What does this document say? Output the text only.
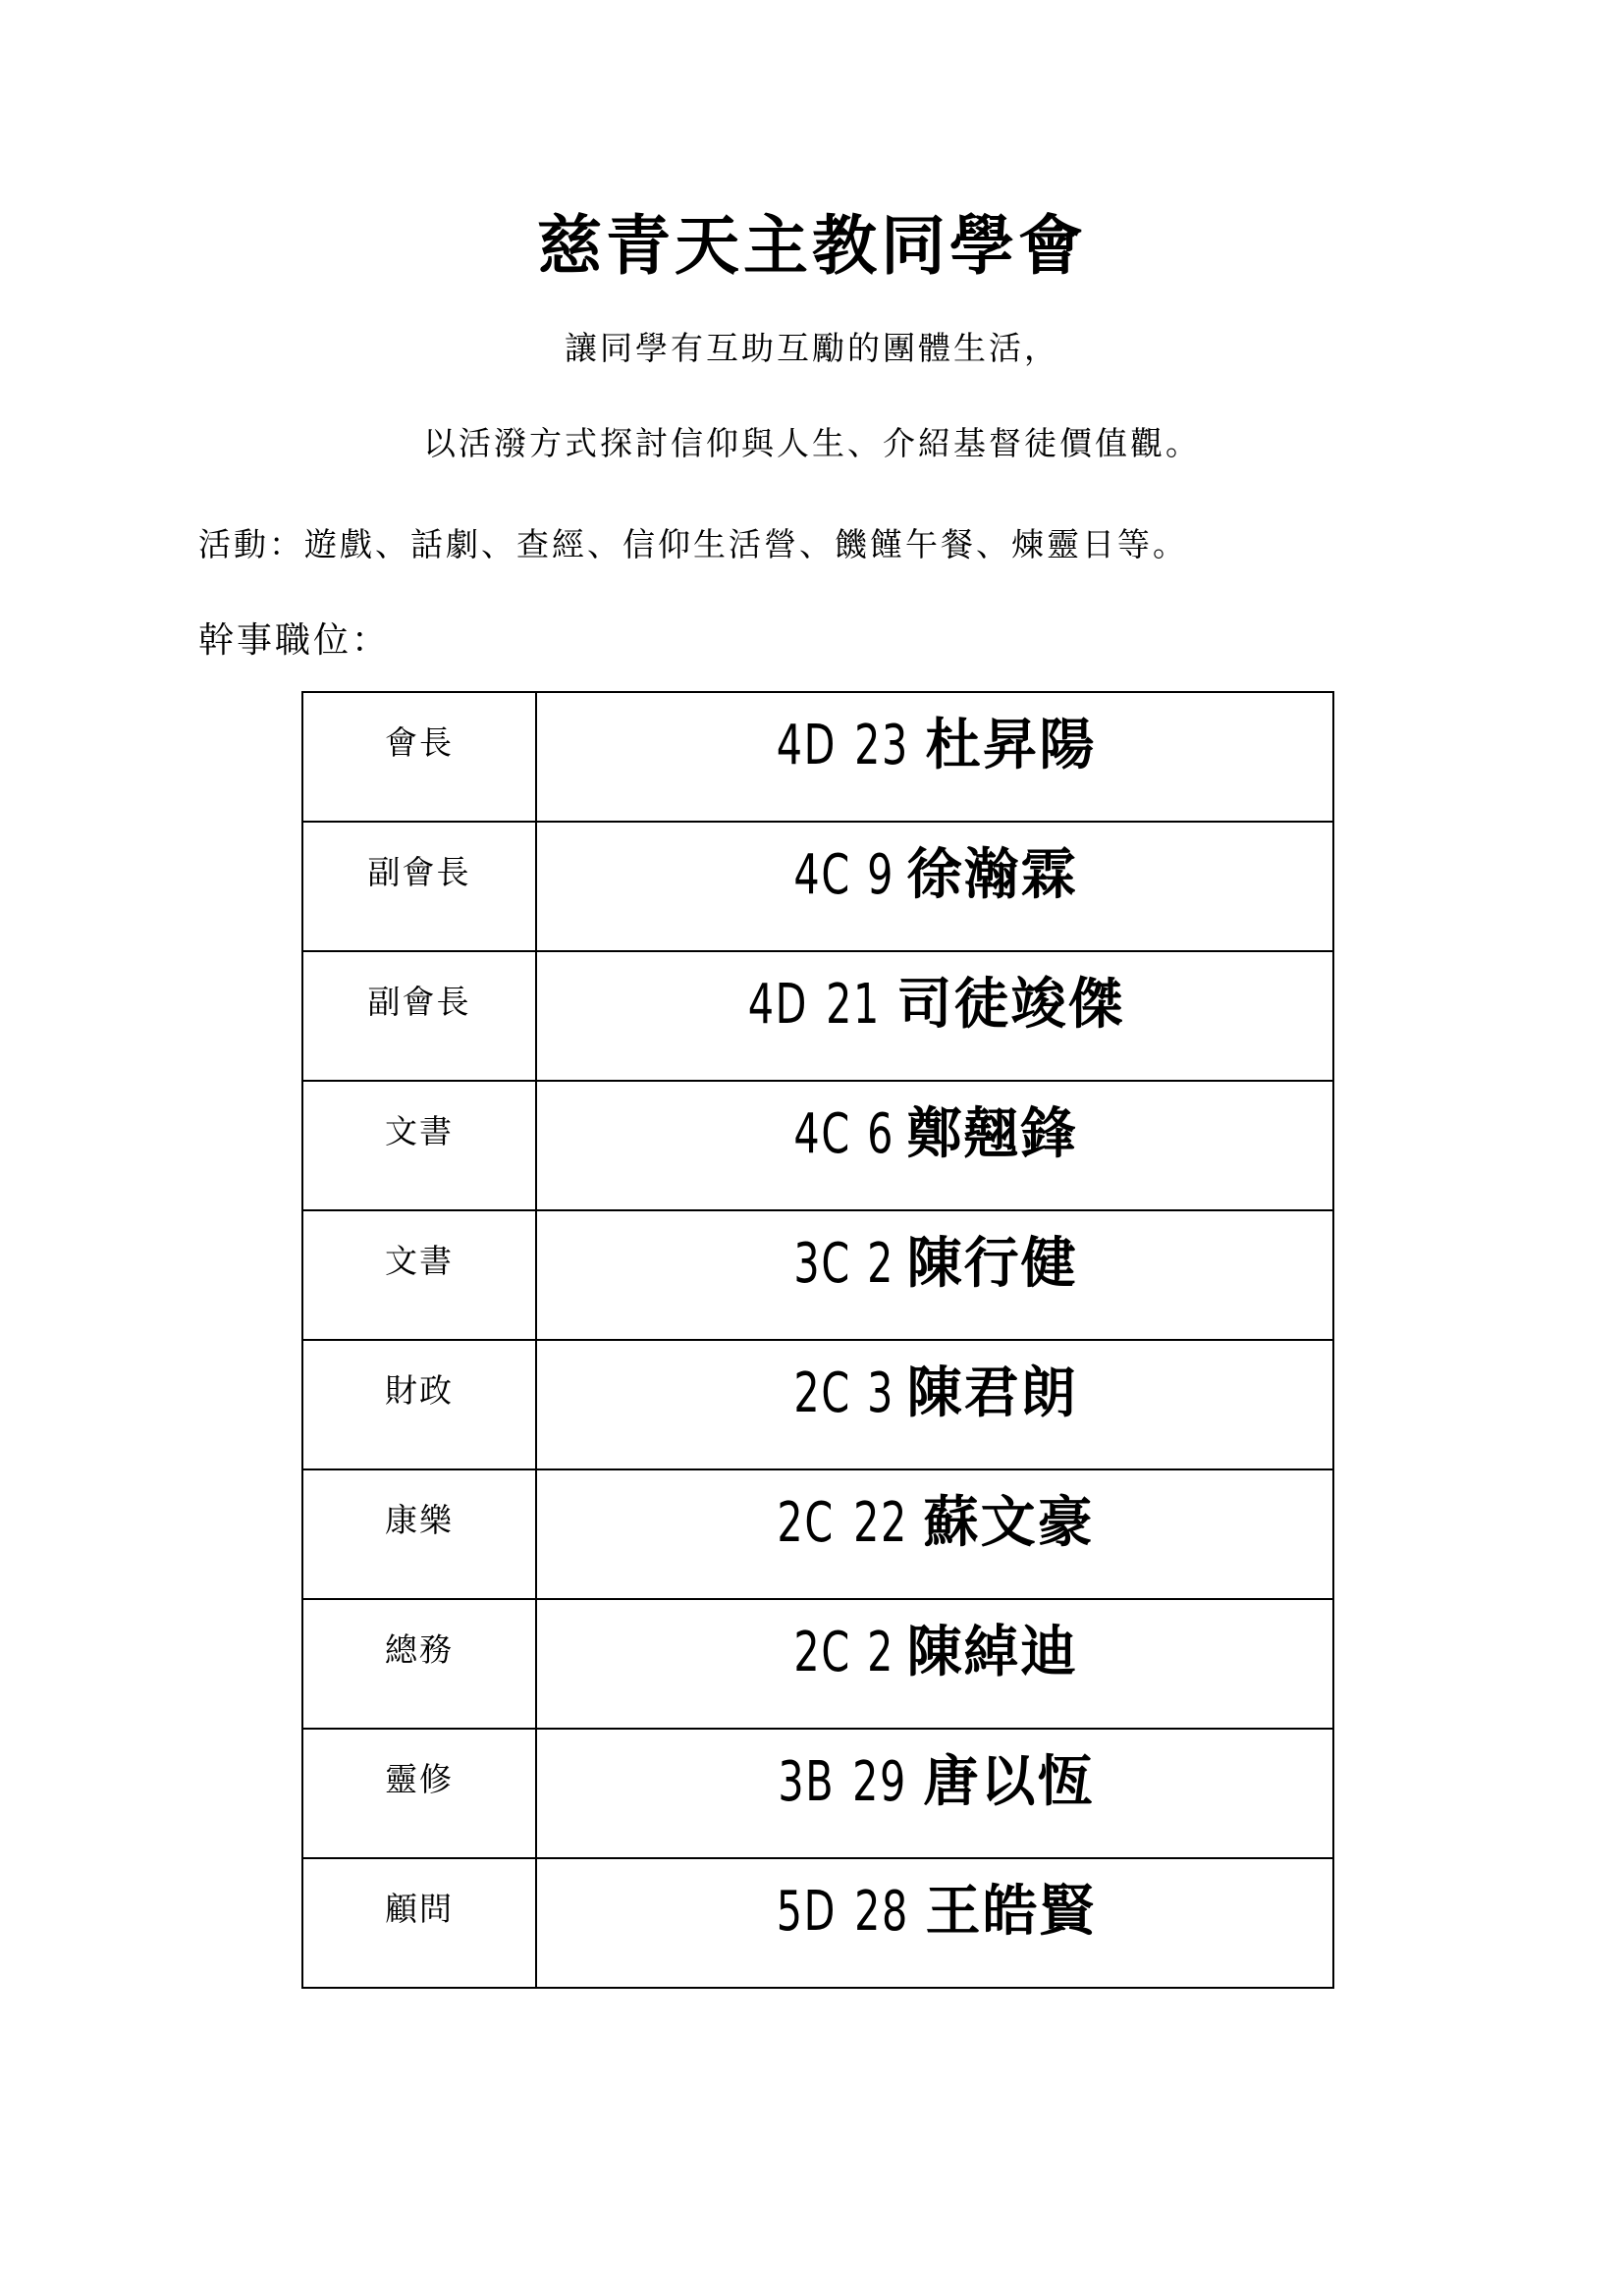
慈青天主教同學會
讓同學有互助互勵的團體生活，
以活潑方式探討信仰與人生、介紹基督徒價值觀。
活動：遊戲、話劇、查經、信仰生活營、饑饉午餐、煉靈日等。
幹事職位：
會長	4D 23 杜昇陽

副會長	4C 9 徐瀚霖

副會長	4D 21 司徒竣傑

文書	4C 6 鄭翹鋒

文書	3C 2 陳行健

財政	2C 3 陳君朗

康樂	2C 22 蘇文豪

總務	2C 2 陳綽迪

靈修	3B 29 唐以恆

顧問	5D 28 王皓賢
